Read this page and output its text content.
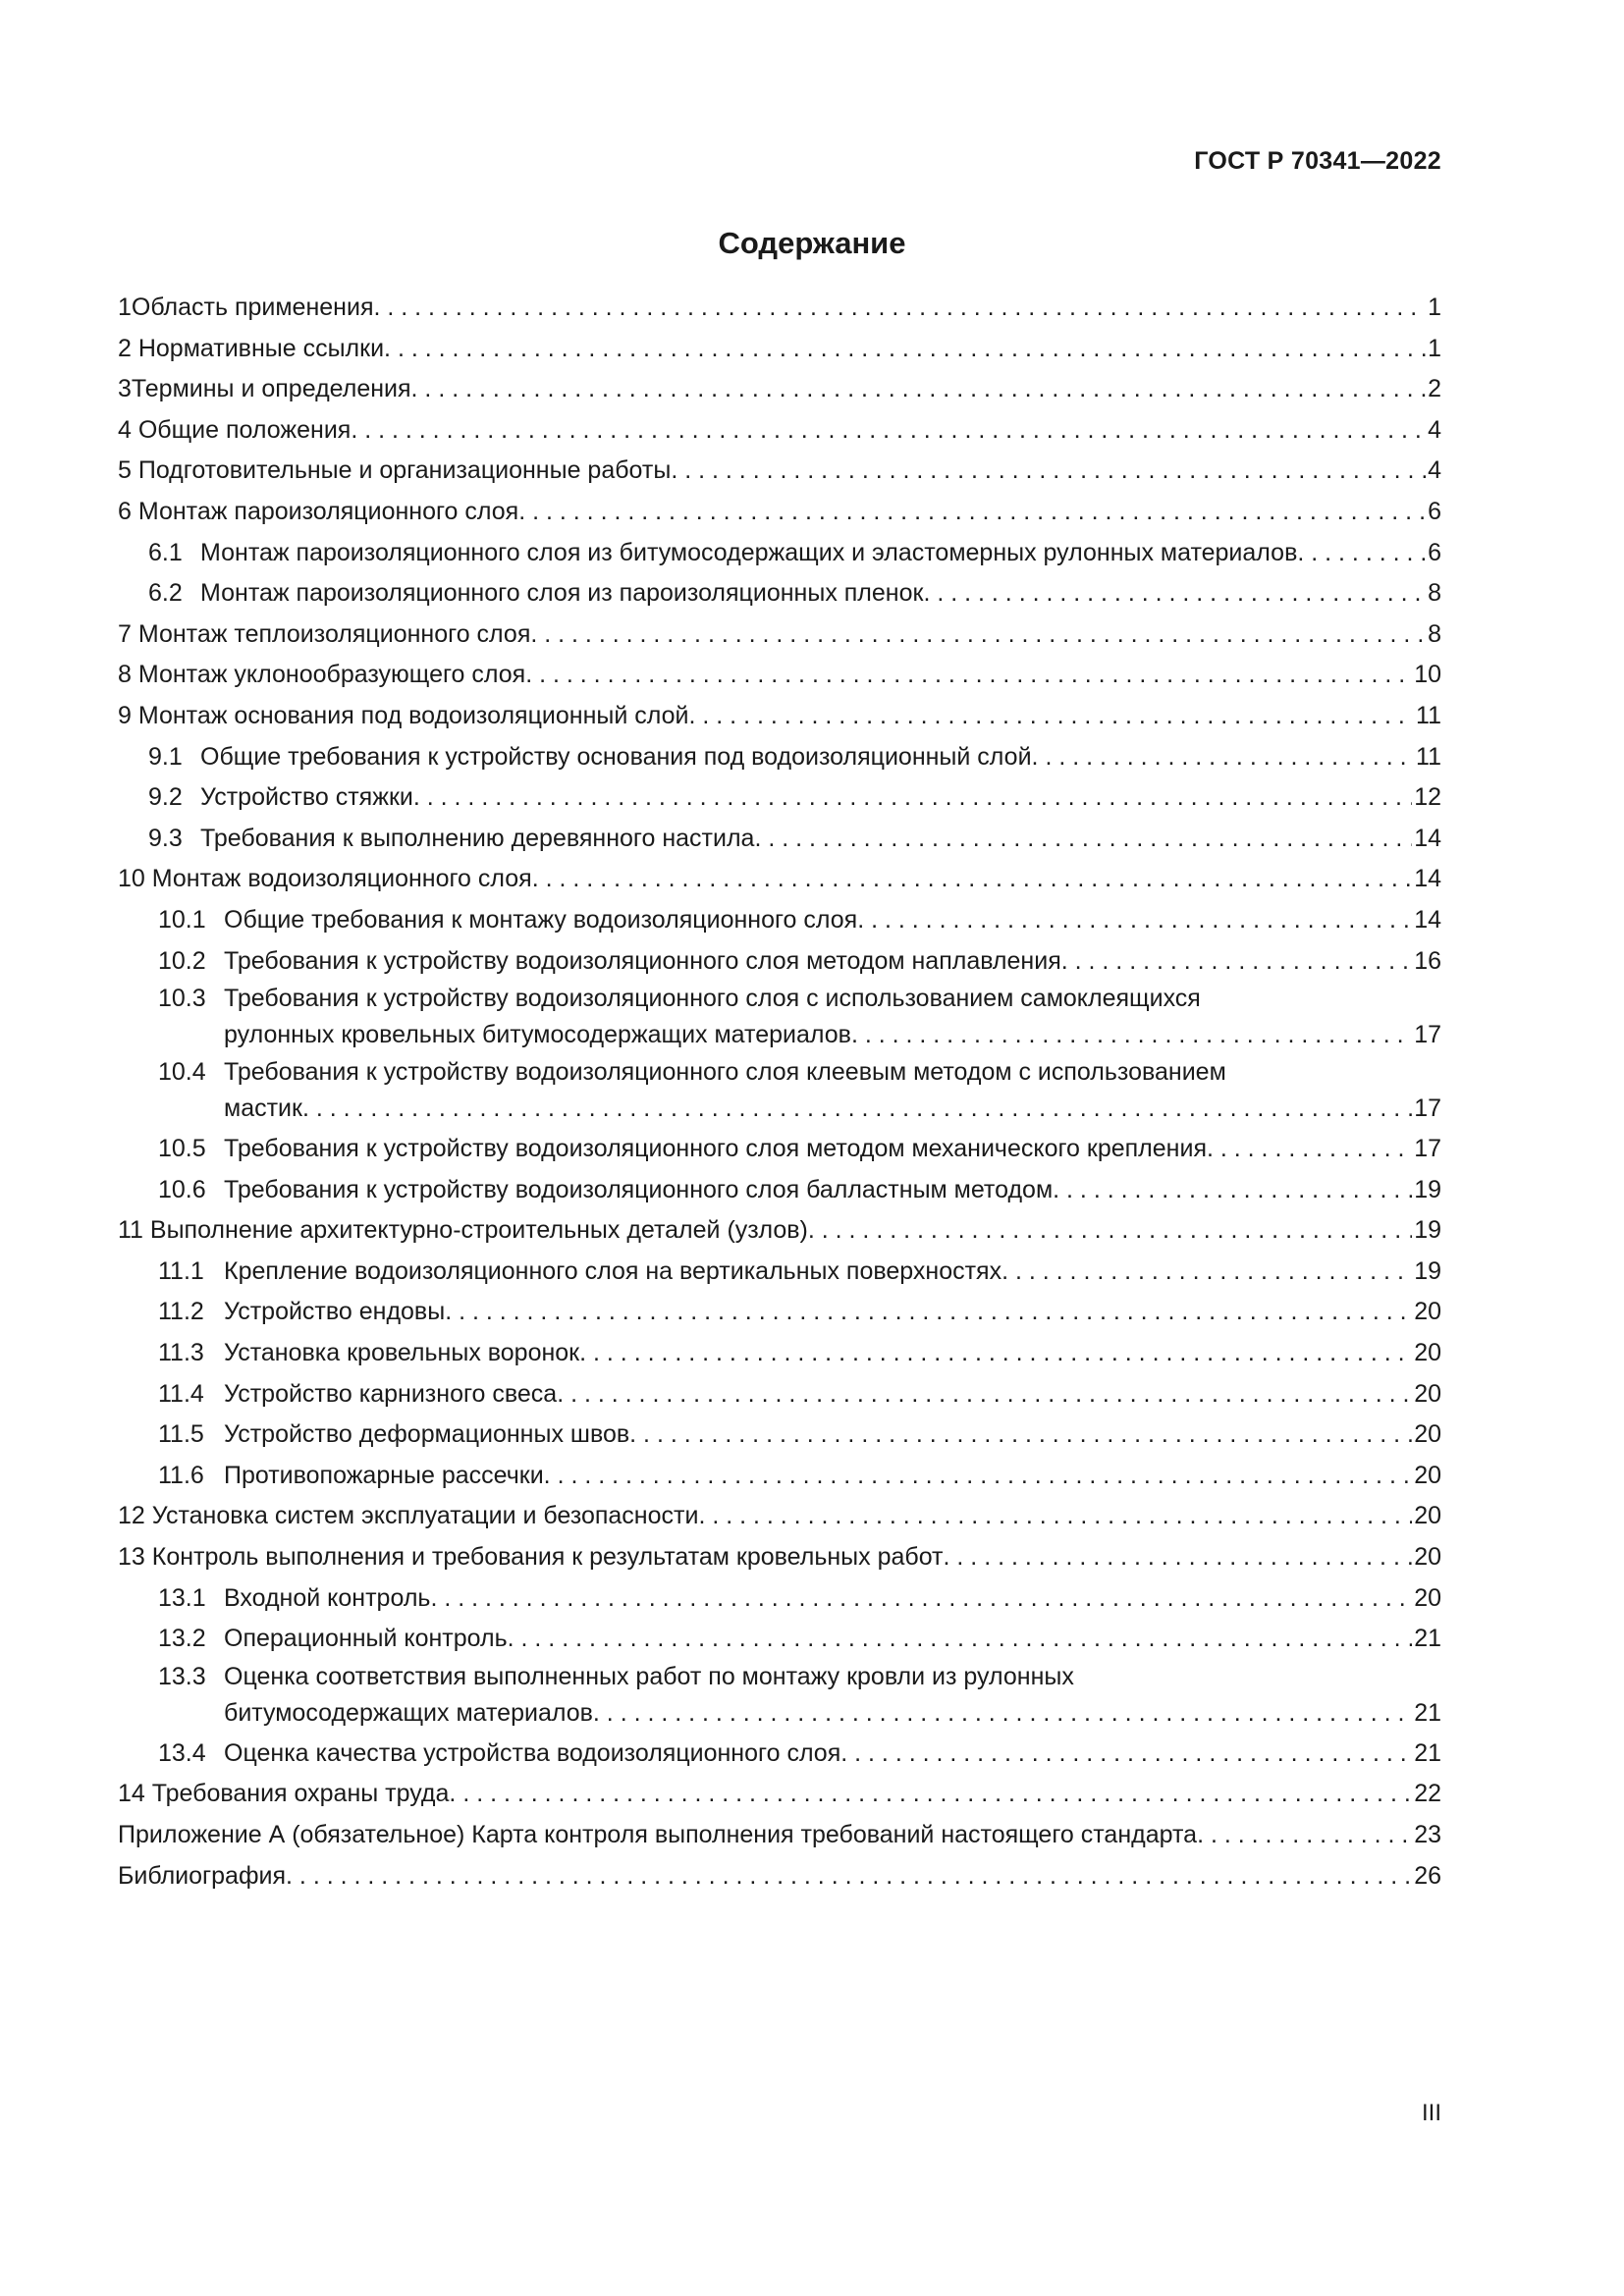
ГОСТ Р 70341—2022
Содержание
1Область применения . . .	1
2 Нормативные ссылки . . .	1
3Термины и определения . . .	2
4 Общие положения . . .	4
5 Подготовительные и организационные работы . . .	4
6 Монтаж пароизоляционного слоя . . .	6
6.1 Монтаж пароизоляционного слоя из битумосодержащих и эластомерных рулонных материалов . . .	6
6.2 Монтаж пароизоляционного слоя из пароизоляционных пленок . . .	8
7 Монтаж теплоизоляционного слоя . . .	8
8 Монтаж уклонообразующего слоя . . .	10
9 Монтаж основания под водоизоляционный слой . . .	11
9.1 Общие требования к устройству основания под водоизоляционный слой . . .	11
9.2 Устройство стяжки . . .	12
9.3 Требования к выполнению деревянного настила . . .	14
10 Монтаж водоизоляционного слоя . . .	14
10.1 Общие требования к монтажу водоизоляционного слоя . . .	14
10.2 Требования к устройству водоизоляционного слоя методом наплавления . . .	16
10.3 Требования к устройству водоизоляционного слоя с использованием самоклеящихся
рулонных кровельных битумосодержащих материалов . . .	17
10.4 Требования к устройству водоизоляционного слоя клеевым методом с использованием
мастик . . .	17
10.5 Требования к устройству водоизоляционного слоя методом механического крепления . . .	17
10.6 Требования к устройству водоизоляционного слоя балластным методом . . .	19
11 Выполнение архитектурно-строительных деталей (узлов) . . .	19
11.1 Крепление водоизоляционного слоя на вертикальных поверхностях . . .	19
11.2 Устройство ендовы . . .	20
11.3 Установка кровельных воронок . . .	20
11.4 Устройство карнизного свеса . . .	20
11.5 Устройство деформационных швов . . .	20
11.6 Противопожарные рассечки . . .	20
12 Установка систем эксплуатации и безопасности . . .	20
13 Контроль выполнения и требования к результатам кровельных работ . . .	20
13.1 Входной контроль . . .	20
13.2 Операционный контроль . . .	21
13.3 Оценка соответствия выполненных работ по монтажу кровли из рулонных
битумосодержащих материалов . . .	21
13.4 Оценка качества устройства водоизоляционного слоя . . .	21
14 Требования охраны труда . . .	22
Приложение А (обязательное) Карта контроля выполнения требований настоящего стандарта . . .	23
Библиография . . .	26
III
